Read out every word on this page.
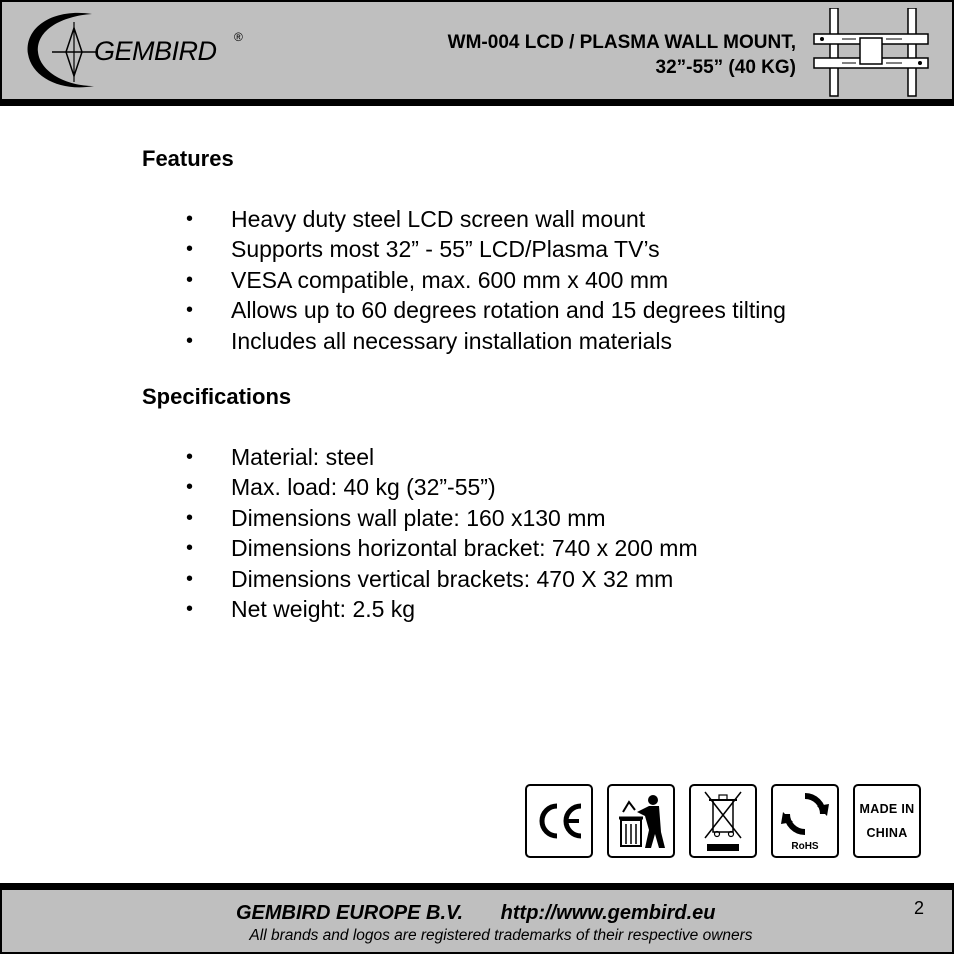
GEMBIRD ®	WM-004 LCD / PLASMA WALL MOUNT,
32”-55” (40 KG)
Features
• Heavy duty steel LCD screen wall mount
• Supports most 32” - 55” LCD/Plasma TV’s
• VESA compatible, max. 600 mm x 400 mm
• Allows up to 60 degrees rotation and 15 degrees tilting
• Includes all necessary installation materials
Specifications
• Material: steel
• Max. load: 40 kg (32”-55”)
• Dimensions wall plate: 160 x130 mm
• Dimensions horizontal bracket: 740 x 200 mm
• Dimensions vertical brackets: 470 X 32 mm
• Net weight: 2.5 kg
RoHS
MADE IN
CHINA
GEMBIRD EUROPE B.V. http://www.gembird.eu
All brands and logos are registered trademarks of their respective owners
2
